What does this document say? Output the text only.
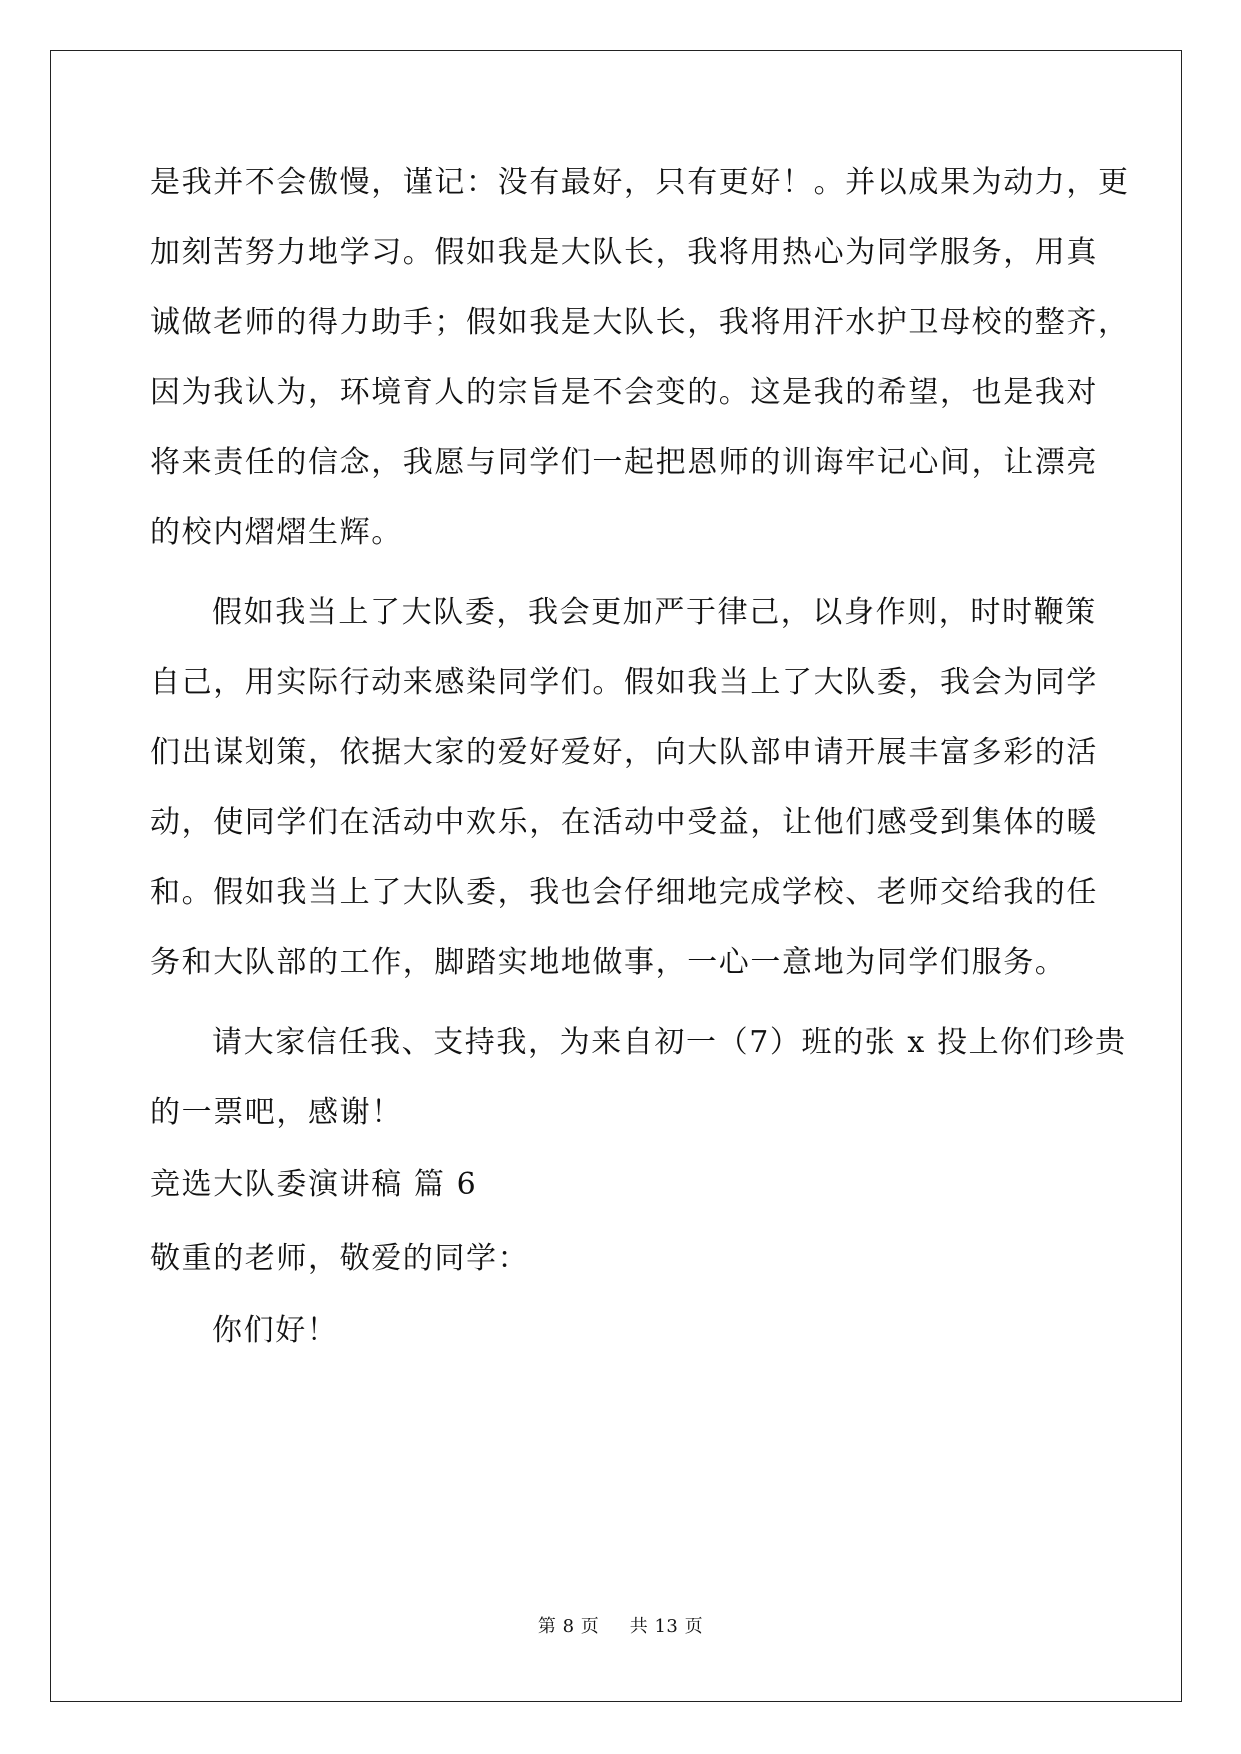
是我并不会傲慢，谨记：没有最好，只有更好！。并以成果为动力，更
加刻苦努力地学习。假如我是大队长，我将用热心为同学服务，用真
诚做老师的得力助手；假如我是大队长，我将用汗水护卫母校的整齐，
因为我认为，环境育人的宗旨是不会变的。这是我的希望，也是我对
将来责任的信念，我愿与同学们一起把恩师的训诲牢记心间，让漂亮
的校内熠熠生辉。
假如我当上了大队委，我会更加严于律己，以身作则，时时鞭策
自己，用实际行动来感染同学们。假如我当上了大队委，我会为同学
们出谋划策，依据大家的爱好爱好，向大队部申请开展丰富多彩的活
动，使同学们在活动中欢乐，在活动中受益，让他们感受到集体的暖
和。假如我当上了大队委，我也会仔细地完成学校、老师交给我的任
务和大队部的工作，脚踏实地地做事，一心一意地为同学们服务。
请大家信任我、支持我，为来自初一（7）班的张 x 投上你们珍贵
的一票吧，感谢！
竞选大队委演讲稿 篇 6
敬重的老师，敬爱的同学：
你们好！
第 8 页 共 13 页
